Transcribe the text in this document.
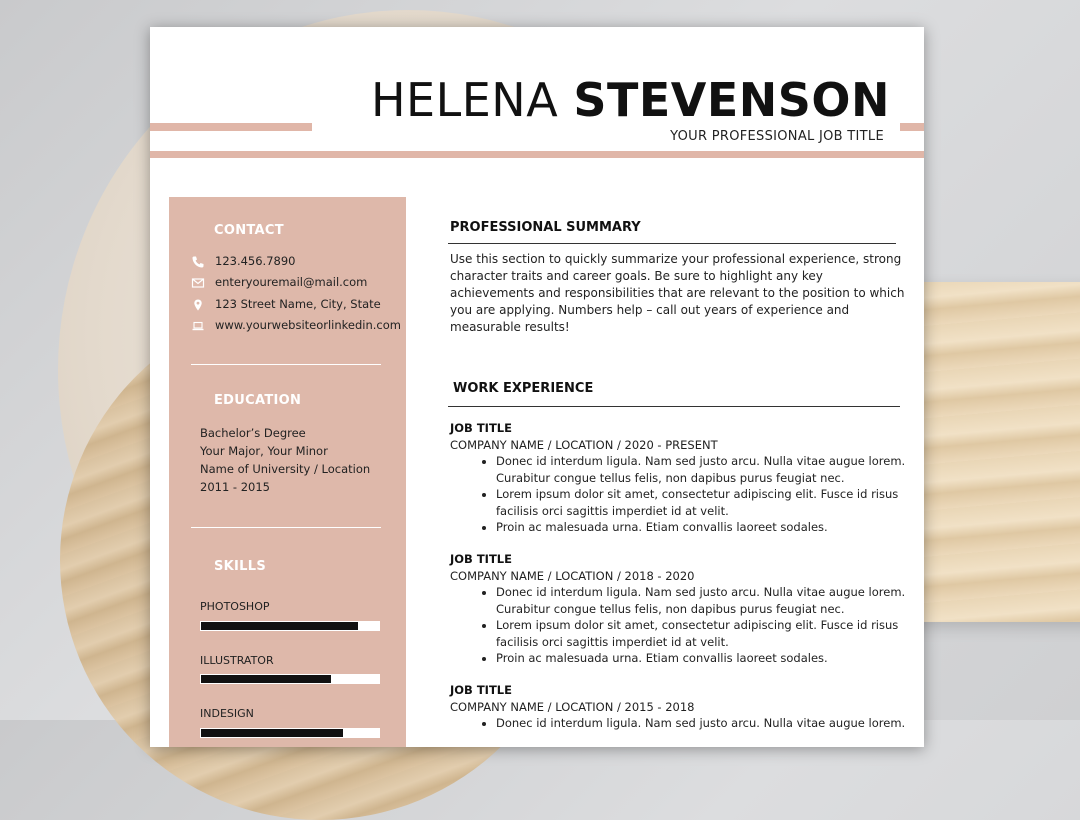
HELENA STEVENSON
YOUR PROFESSIONAL JOB TITLE
CONTACT
123.456.7890
enteryouremail@mail.com
123 Street Name, City, State
www.yourwebsiteorlinkedin.com
EDUCATION
Bachelor’s Degree
Your Major, Your Minor
Name of University / Location
2011 - 2015
SKILLS
PHOTOSHOP
ILLUSTRATOR
INDESIGN
PROFESSIONAL SUMMARY

Use this section to quickly summarize your professional experience, strong character traits and career goals. Be sure to highlight any key achievements and responsibilities that are relevant to the position to which you are applying. Numbers help – call out years of experience and measurable results!

WORK EXPERIENCE
JOB TITLE
COMPANY NAME / LOCATION / 2020 - PRESENT
• Donec id interdum ligula. Nam sed justo arcu. Nulla vitae augue lorem. Curabitur congue tellus felis, non dapibus purus feugiat nec.
• Lorem ipsum dolor sit amet, consectetur adipiscing elit. Fusce id risus facilisis orci sagittis imperdiet id at velit.
• Proin ac malesuada urna. Etiam convallis laoreet sodales.
JOB TITLE
COMPANY NAME / LOCATION / 2018 - 2020
• Donec id interdum ligula. Nam sed justo arcu. Nulla vitae augue lorem. Curabitur congue tellus felis, non dapibus purus feugiat nec.
• Lorem ipsum dolor sit amet, consectetur adipiscing elit. Fusce id risus facilisis orci sagittis imperdiet id at velit.
• Proin ac malesuada urna. Etiam convallis laoreet sodales.
JOB TITLE
COMPANY NAME / LOCATION / 2015 - 2018
• Donec id interdum ligula. Nam sed justo arcu. Nulla vitae augue lorem.
